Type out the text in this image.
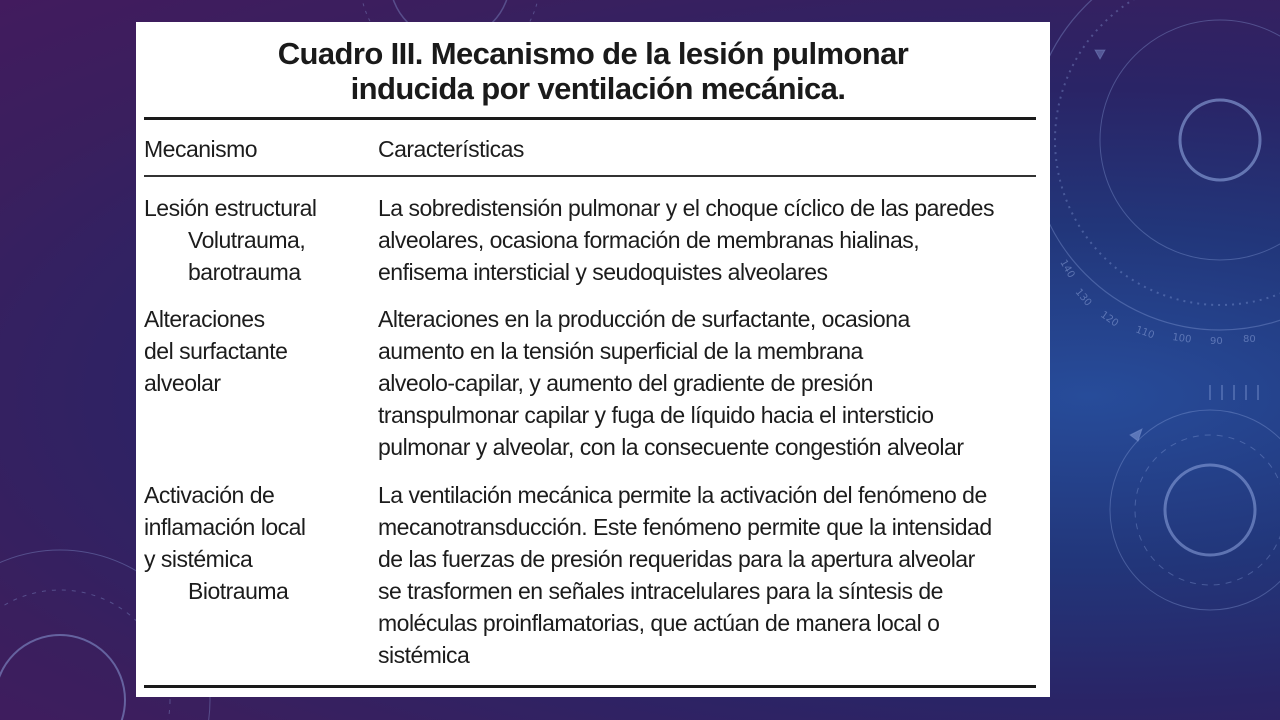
140
130
120
110 100 90 80
Cuadro III. Mecanismo de la lesión pulmonar
inducida por ventilación mecánica.
Mecanismo	Características
Lesión estructural
Volutrauma,
barotrauma
La sobredistensión pulmonar y el choque cíclico de las paredes
alveolares, ocasiona formación de membranas hialinas,
enfisema intersticial y seudoquistes alveolares
Alteraciones
del surfactante
alveolar
Alteraciones en la producción de surfactante, ocasiona
aumento en la tensión superficial de la membrana
alveolo-capilar, y aumento del gradiente de presión
transpulmonar capilar y fuga de líquido hacia el intersticio
pulmonar y alveolar, con la consecuente congestión alveolar
Activación de
inflamación local
y sistémica
Biotrauma
La ventilación mecánica permite la activación del fenómeno de
mecanotransducción. Este fenómeno permite que la intensidad
de las fuerzas de presión requeridas para la apertura alveolar
se trasformen en señales intracelulares para la síntesis de
moléculas proinflamatorias, que actúan de manera local o
sistémica
